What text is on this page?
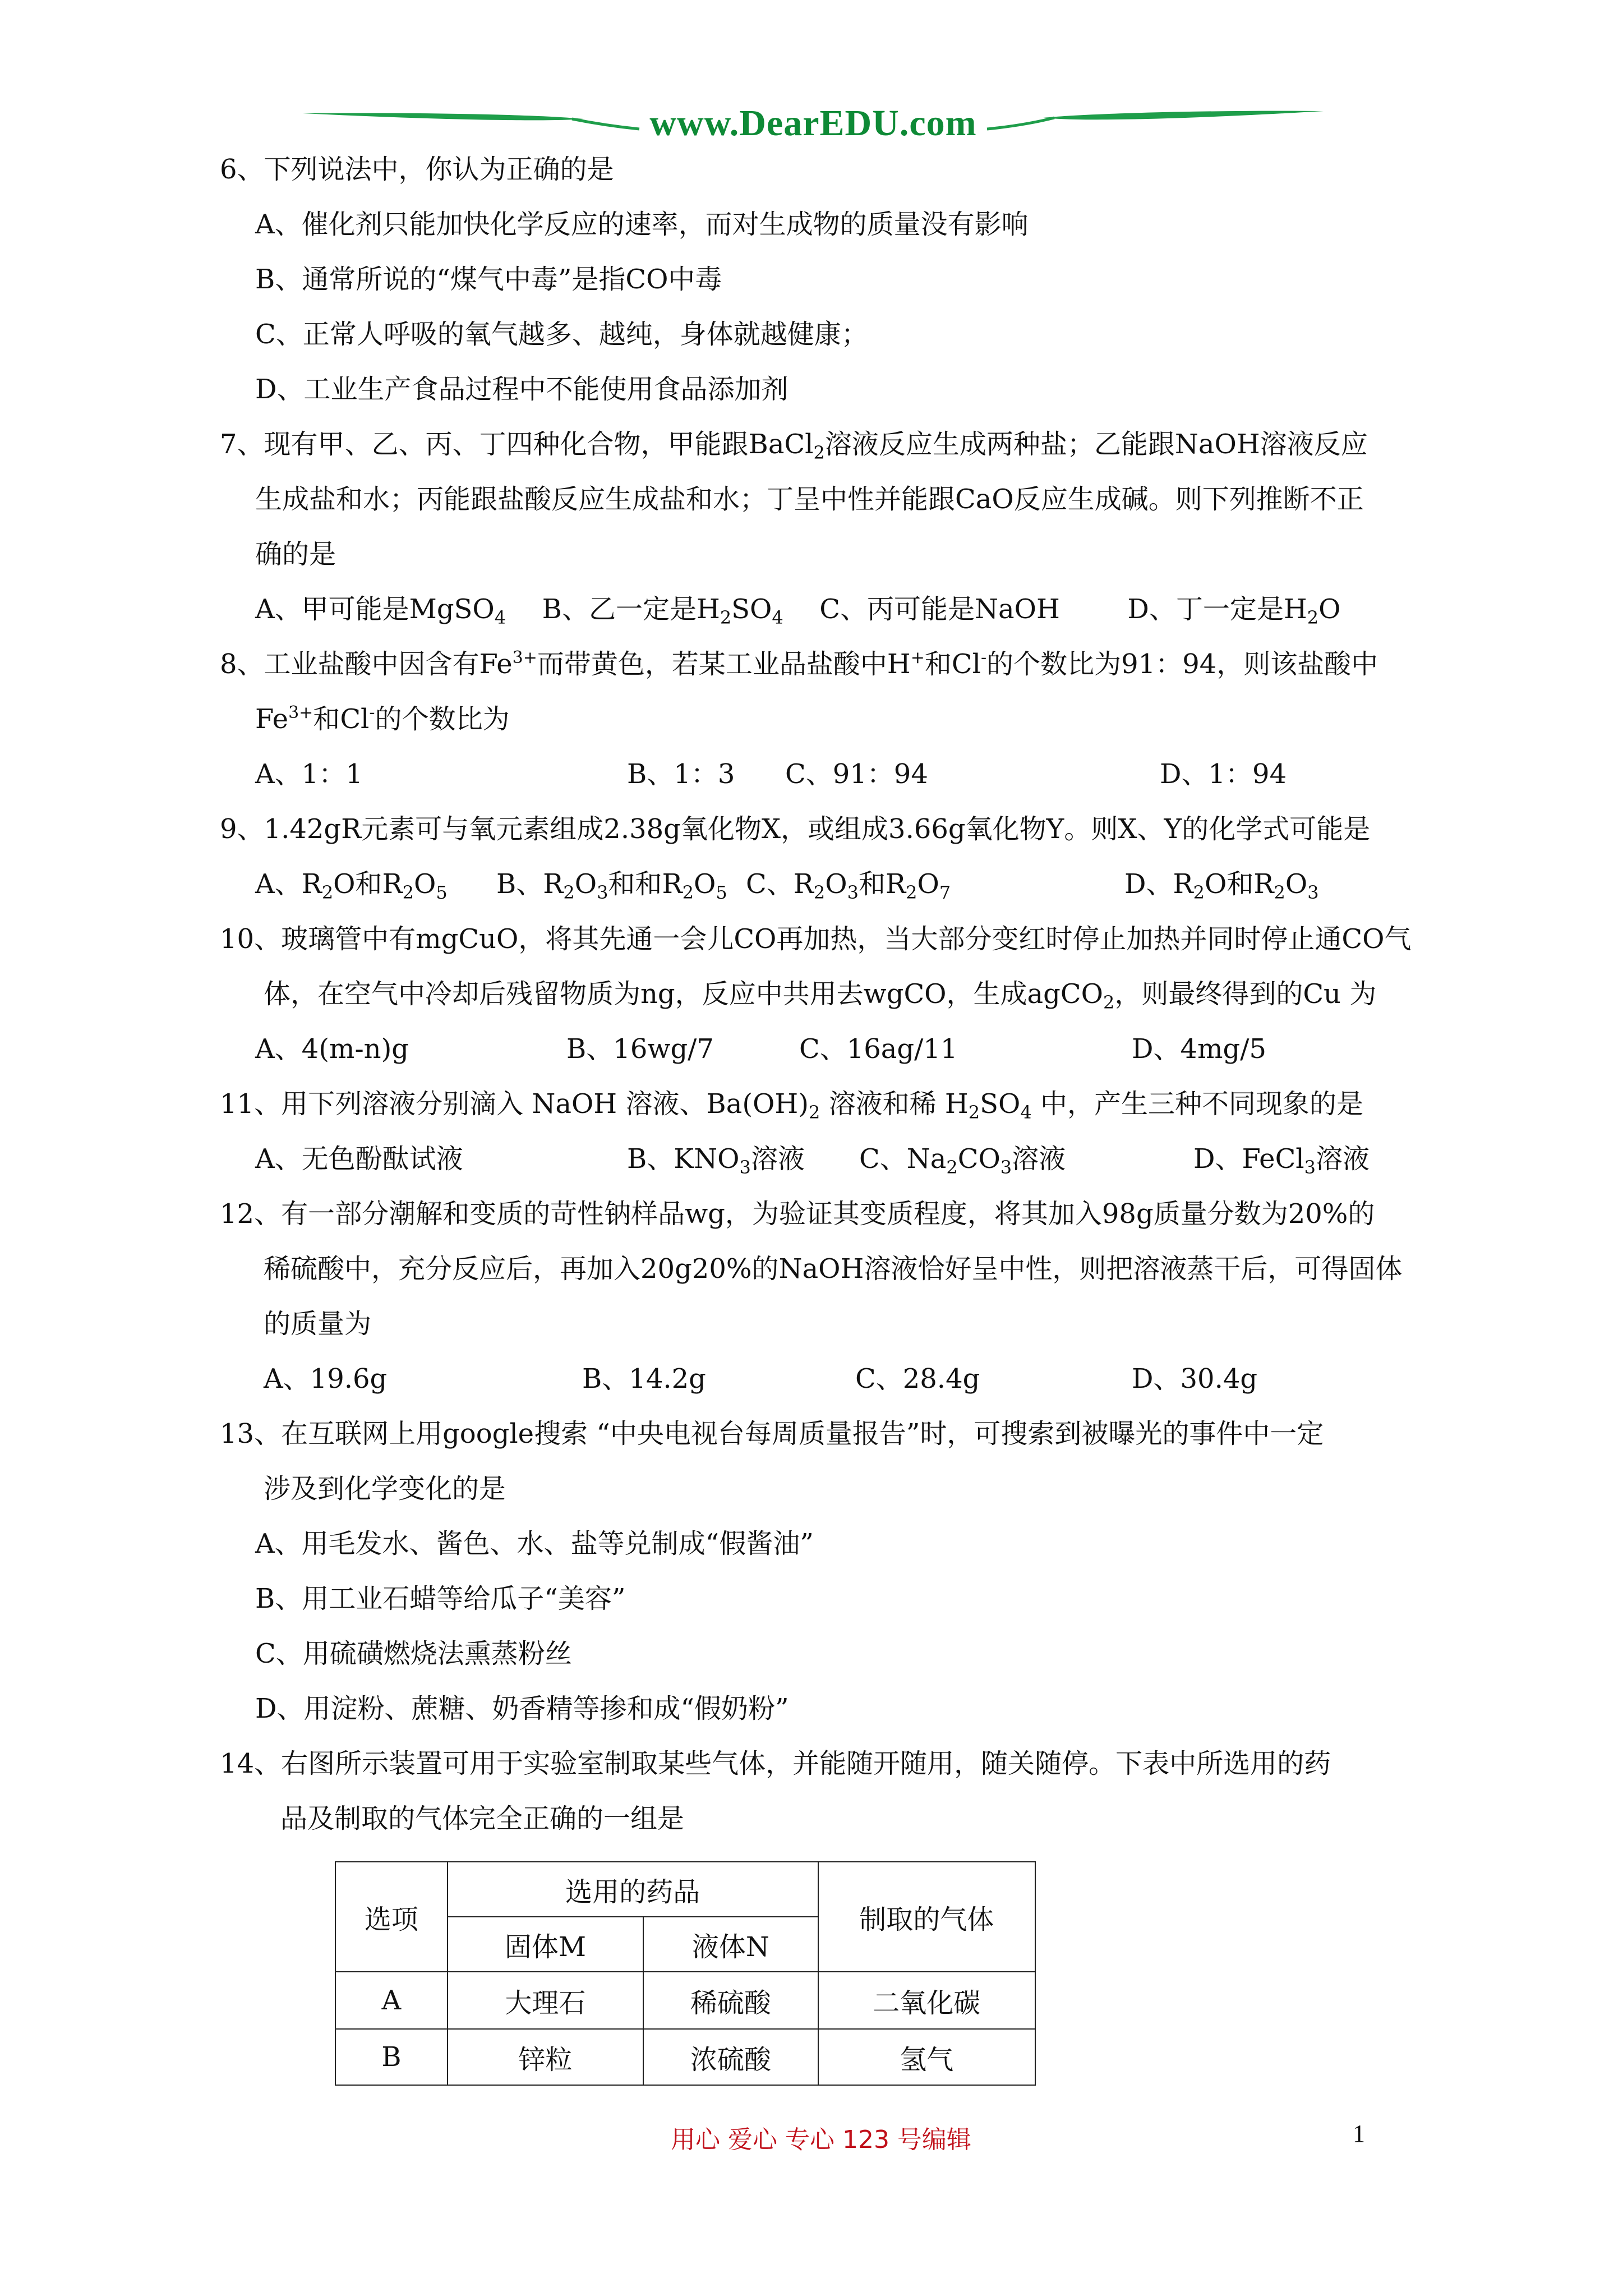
www.DearEDU.com
6、下列说法中，你认为正确的是
A、催化剂只能加快化学反应的速率，而对生成物的质量没有影响
B、通常所说的“煤气中毒”是指CO中毒
C、正常人呼吸的氧气越多、越纯，身体就越健康；
D、工业生产食品过程中不能使用食品添加剂
7、现有甲、乙、丙、丁四种化合物，甲能跟BaCl$_2$溶液反应生成两种盐；乙能跟NaOH溶液反应
生成盐和水；丙能跟盐酸反应生成盐和水；丁呈中性并能跟CaO反应生成碱。则下列推断不正
确的是
A、甲可能是MgSO$_4$ B、乙一定是$H_2SO_4$ C、丙可能是NaOH	D、丁一定是$H_2O$
8、工业盐酸中因含有$Fe^{3+}$而带黄色，若某工业品盐酸中H+和Cl-的个数比为91：94，则该盐酸中
$Fe^{3+}$和Cl-的个数比为
A、1：1	B、1：3 C、91：94	D、1：94
9、1.42gR元素可与氧元素组成2.38g氧化物X，或组成3.66g氧化物Y。则X、Y的化学式可能是
A、$R_2O$和$R_2O_5$ B、$R_2O_3$和和$R_2O_5$ C、$R_2O_3$和$R_2O_7$	D、$R_2O$和$R_2O_3$
10、玻璃管中有mgCuO，将其先通一会儿CO再加热，当大部分变红时停止加热并同时停止通CO气
体，在空气中冷却后残留物质为ng，反应中共用去wgCO，生成agCO$_2$，则最终得到的Cu 为
A、4(m-n)g	B、16wg/7	C、16ag/11	D、4mg/5
11、用下列溶液分别滴入 NaOH 溶液、$Ba(OH)_2$ 溶液和稀 $H_2SO_4$ 中，产生三种不同现象的是
A、无色酚酞试液	B、$KNO_3$溶液 C、$Na_2CO_3$溶液	D、FeCl$_3$溶液
12、有一部分潮解和变质的苛性钠样品wg，为验证其变质程度，将其加入98g质量分数为20%的
稀硫酸中，充分反应后，再加入20g20%的NaOH溶液恰好呈中性，则把溶液蒸干后，可得固体
的质量为
A、19.6g	B、14.2g	C、28.4g	D、30.4g
13、在互联网上用google搜索 “中央电视台每周质量报告”时，可搜索到被曝光的事件中一定
涉及到化学变化的是
A、用毛发水、酱色、水、盐等兑制成“假酱油”
B、用工业石蜡等给瓜子“美容”
C、用硫磺燃烧法熏蒸粉丝
D、用淀粉、蔗糖、奶香精等掺和成“假奶粉”
14、右图所示装置可用于实验室制取某些气体，并能随开随用，随关随停。下表中所选用的药
品及制取的气体完全正确的一组是
选项	选用的药品		制取的气体
	固体M	液体N	
A	大理石	稀硫酸	二氧化碳
B	锌粒	浓硫酸	氢气
用心 爱心 专心 123 号编辑	1
